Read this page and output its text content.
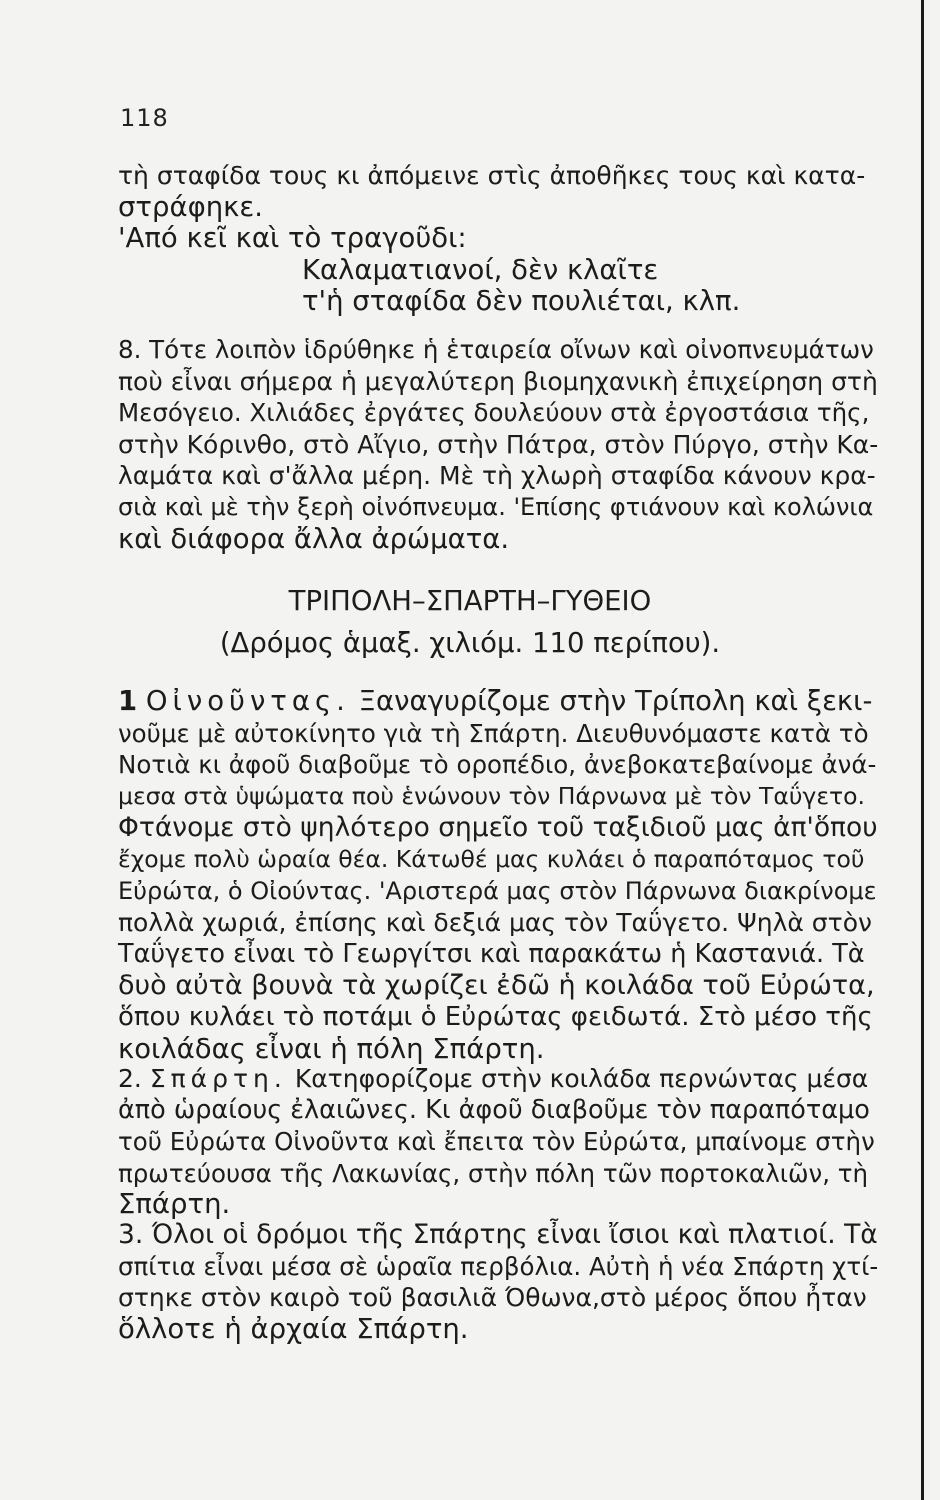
118
τὴ σταφίδα τους κι ἀπόμεινε στὶς ἀποθῆκες τους καὶ κατα-
στράφηκε.
'Από κεῖ καὶ τὸ τραγοῦδι:
Καλαματιανοί, δὲν κλαῖτε
τ'ἡ σταφίδα δὲν πουλιέται, κλπ.
8. Τότε λοιπὸν ἱδρύθηκε ἡ ἑταιρεία οἴνων καὶ οἰνοπνευμάτων
ποὺ εἶναι σήμερα ἡ μεγαλύτερη βιομηχανικὴ ἐπιχείρηση στὴ
Μεσόγειο. Χιλιάδες ἐργάτες δουλεύουν στὰ ἐργοστάσια τῆς,
στὴν Κόρινθο, στὸ Αἴγιο, στὴν Πάτρα, στὸν Πύργο, στὴν Κα-
λαμάτα καὶ σ'ἄλλα μέρη. Μὲ τὴ χλωρὴ σταφίδα κάνουν κρα-
σιὰ καὶ μὲ τὴν ξερὴ οἰνόπνευμα. 'Επίσης φτιάνουν καὶ κολώνια
καὶ διάφορα ἄλλα ἀρώματα.
ΤΡΙΠΟΛΗ–ΣΠΑΡΤΗ–ΓΥΘΕΙΟ
(Δρόμος ἁμαξ. χιλιόμ. 110 περίπου).
1 Οἰνοῦντας. Ξαναγυρίζομε στὴν Τρίπολη καὶ ξεκι-
νοῦμε μὲ αὐτοκίνητο γιὰ τὴ Σπάρτη. Διευθυνόμαστε κατὰ τὸ
Νοτιὰ κι ἀφοῦ διαβοῦμε τὸ οροπέδιο, ἀνεβοκατεβαίνομε ἀνά-
μεσα στὰ ὑψώματα ποὺ ἑνώνουν τὸν Πάρνωνα μὲ τὸν Ταΰγετο.
Φτάνομε στὸ ψηλότερο σημεῖο τοῦ ταξιδιοῦ μας ἀπ'ὅπου
ἔχομε πολὺ ὡραία θέα. Κάτωθέ μας κυλάει ὁ παραπόταμος τοῦ
Εὐρώτα, ὁ Οἰούντας. 'Αριστερά μας στὸν Πάρνωνα διακρίνομε
πολλὰ χωριά, ἐπίσης καὶ δεξιά μας τὸν Ταΰγετο. Ψηλὰ στὸν
Ταΰγετο εἶναι τὸ Γεωργίτσι καὶ παρακάτω ἡ Καστανιά. Τὰ
δυὸ αὐτὰ βουνὰ τὰ χωρίζει ἐδῶ ἡ κοιλάδα τοῦ Εὐρώτα,
ὅπου κυλάει τὸ ποτάμι ὁ Εὐρώτας φειδωτά. Στὸ μέσο τῆς
κοιλάδας εἶναι ἡ πόλη Σπάρτη.
2. Σπάρτη. Κατηφορίζομε στὴν κοιλάδα περνώντας μέσα
ἀπὸ ὡραίους ἐλαιῶνες. Κι ἀφοῦ διαβοῦμε τὸν παραπόταμο
τοῦ Εὐρώτα Οἰνοῦντα καὶ ἔπειτα τὸν Εὐρώτα, μπαίνομε στὴν
πρωτεύουσα τῆς Λακωνίας, στὴν πόλη τῶν πορτοκαλιῶν, τὴ
Σπάρτη.
3. Όλοι οἱ δρόμοι τῆς Σπάρτης εἶναι ἴσιοι καὶ πλατιοί. Τὰ
σπίτια εἶναι μέσα σὲ ὡραῖα περβόλια. Αὐτὴ ἡ νέα Σπάρτη χτί-
στηκε στὸν καιρὸ τοῦ βασιλιᾶ Όθωνα,στὸ μέρος ὅπου ἦταν
ὅλλοτε ἡ ἀρχαία Σπάρτη.
